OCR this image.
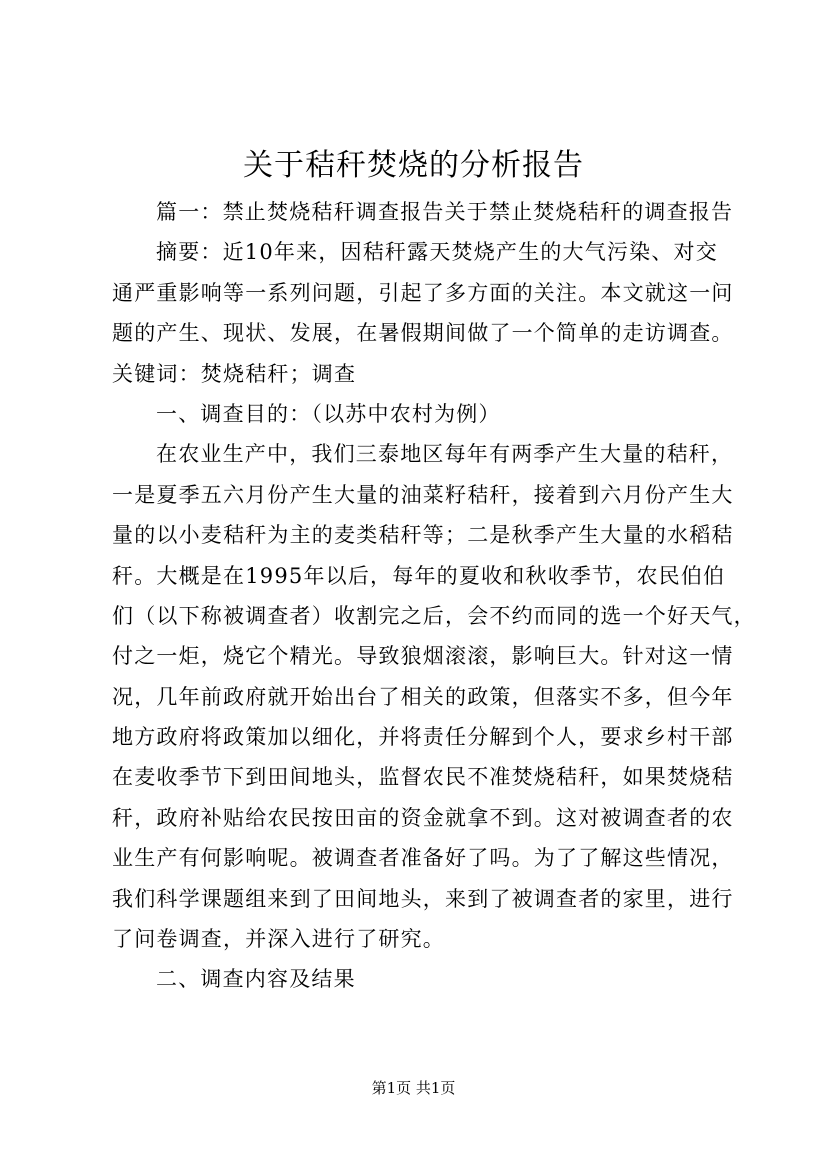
关于秸秆焚烧的分析报告
篇一：禁止焚烧秸秆调查报告关于禁止焚烧秸秆的调查报告
摘要：近10年来，因秸秆露天焚烧产生的大气污染、对交
通严重影响等一系列问题，引起了多方面的关注。本文就这一问
题的产生、现状、发展，在暑假期间做了一个简单的走访调查。
关键词：焚烧秸秆；调查
一、调查目的：（以苏中农村为例）
在农业生产中，我们三泰地区每年有两季产生大量的秸秆，
一是夏季五六月份产生大量的油菜籽秸秆，接着到六月份产生大
量的以小麦秸秆为主的麦类秸秆等；二是秋季产生大量的水稻秸
秆。大概是在1995年以后，每年的夏收和秋收季节，农民伯伯
们（以下称被调查者）收割完之后，会不约而同的选一个好天气，
付之一炬，烧它个精光。导致狼烟滚滚，影响巨大。针对这一情
况，几年前政府就开始出台了相关的政策，但落实不多，但今年
地方政府将政策加以细化，并将责任分解到个人，要求乡村干部
在麦收季节下到田间地头，监督农民不准焚烧秸秆，如果焚烧秸
秆，政府补贴给农民按田亩的资金就拿不到。这对被调查者的农
业生产有何影响呢。被调查者准备好了吗。为了了解这些情况，
我们科学课题组来到了田间地头，来到了被调查者的家里，进行
了问卷调查，并深入进行了研究。
二、调查内容及结果
第1页 共1页
